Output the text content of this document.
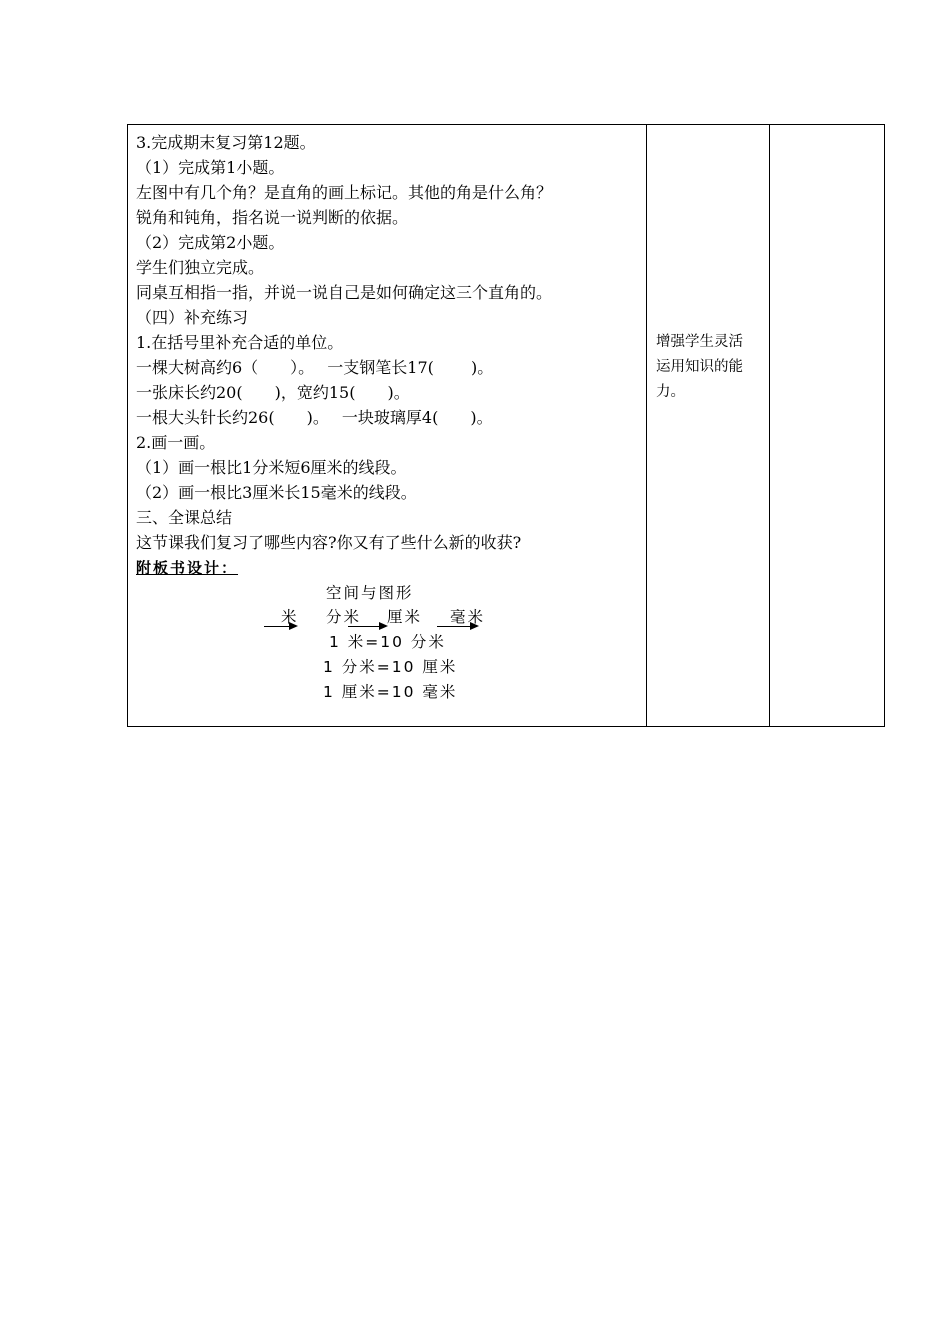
3.完成期末复习第12题。
（1）完成第1小题。
左图中有几个角？是直角的画上标记。其他的角是什么角？
锐角和钝角，指名说一说判断的依据。
（2）完成第2小题。
学生们独立完成。
同桌互相指一指，并说一说自己是如何确定这三个直角的。
（四）补充练习
1.在括号里补充合适的单位。
一棵大树高约6（　　）。　 一支钢笔长17(　　 )。
一张床长约20(　　)，宽约15(　　)。
一根大头针长约26(　　)。　 一块玻璃厚4(　　)。
2.画一画。
（1）画一根比1分米短6厘米的线段。
（2）画一根比3厘米长15毫米的线段。
三、全课总结
这节课我们复习了哪些内容?你又有了些什么新的收获?
附板书设计：
空间与图形
米 分米 厘米 毫米
1 米=10 分米
1 分米=10 厘米
1 厘米=10 毫米

增强学生灵活运用知识的能力。
